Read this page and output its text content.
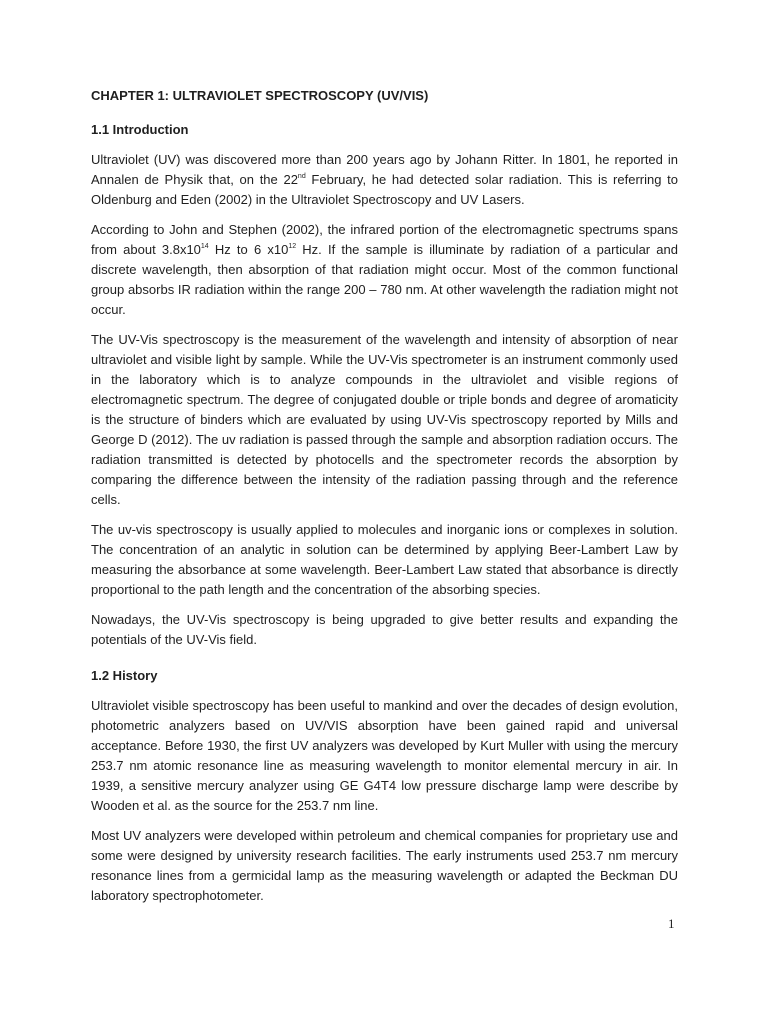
CHAPTER 1: ULTRAVIOLET SPECTROSCOPY (UV/VIS)
1.1 Introduction

Ultraviolet (UV) was discovered more than 200 years ago by Johann Ritter. In 1801, he reported in Annalen de Physik that, on the 22nd February, he had detected solar radiation. This is referring to Oldenburg and Eden (2002) in the Ultraviolet Spectroscopy and UV Lasers.

According to John and Stephen (2002), the infrared portion of the electromagnetic spectrums spans from about $3.8x10^{14}$ Hz to 6 $x10^{12}$ Hz. If the sample is illuminate by radiation of a particular and discrete wavelength, then absorption of that radiation might occur. Most of the common functional group absorbs IR radiation within the range 200 – 780 nm. At other wavelength the radiation might not occur.

The UV-Vis spectroscopy is the measurement of the wavelength and intensity of absorption of near ultraviolet and visible light by sample. While the UV-Vis spectrometer is an instrument commonly used in the laboratory which is to analyze compounds in the ultraviolet and visible regions of electromagnetic spectrum. The degree of conjugated double or triple bonds and degree of aromaticity is the structure of binders which are evaluated by using UV-Vis spectroscopy reported by Mills and George D (2012). The uv radiation is passed through the sample and absorption radiation occurs. The radiation transmitted is detected by photocells and the spectrometer records the absorption by comparing the difference between the intensity of the radiation passing through and the reference cells.

The uv-vis spectroscopy is usually applied to molecules and inorganic ions or complexes in solution. The concentration of an analytic in solution can be determined by applying Beer-Lambert Law by measuring the absorbance at some wavelength. Beer-Lambert Law stated that absorbance is directly proportional to the path length and the concentration of the absorbing species.

Nowadays, the UV-Vis spectroscopy is being upgraded to give better results and expanding the potentials of the UV-Vis field.

1.2 History

Ultraviolet visible spectroscopy has been useful to mankind and over the decades of design evolution, photometric analyzers based on UV/VIS absorption have been gained rapid and universal acceptance. Before 1930, the first UV analyzers was developed by Kurt Muller with using the mercury 253.7 nm atomic resonance line as measuring wavelength to monitor elemental mercury in air. In 1939, a sensitive mercury analyzer using GE G4T4 low pressure discharge lamp were describe by Wooden et al. as the source for the 253.7 nm line.

Most UV analyzers were developed within petroleum and chemical companies for proprietary use and some were designed by university research facilities. The early instruments used 253.7 nm mercury resonance lines from a germicidal lamp as the measuring wavelength or adapted the Beckman DU laboratory spectrophotometer.

1
